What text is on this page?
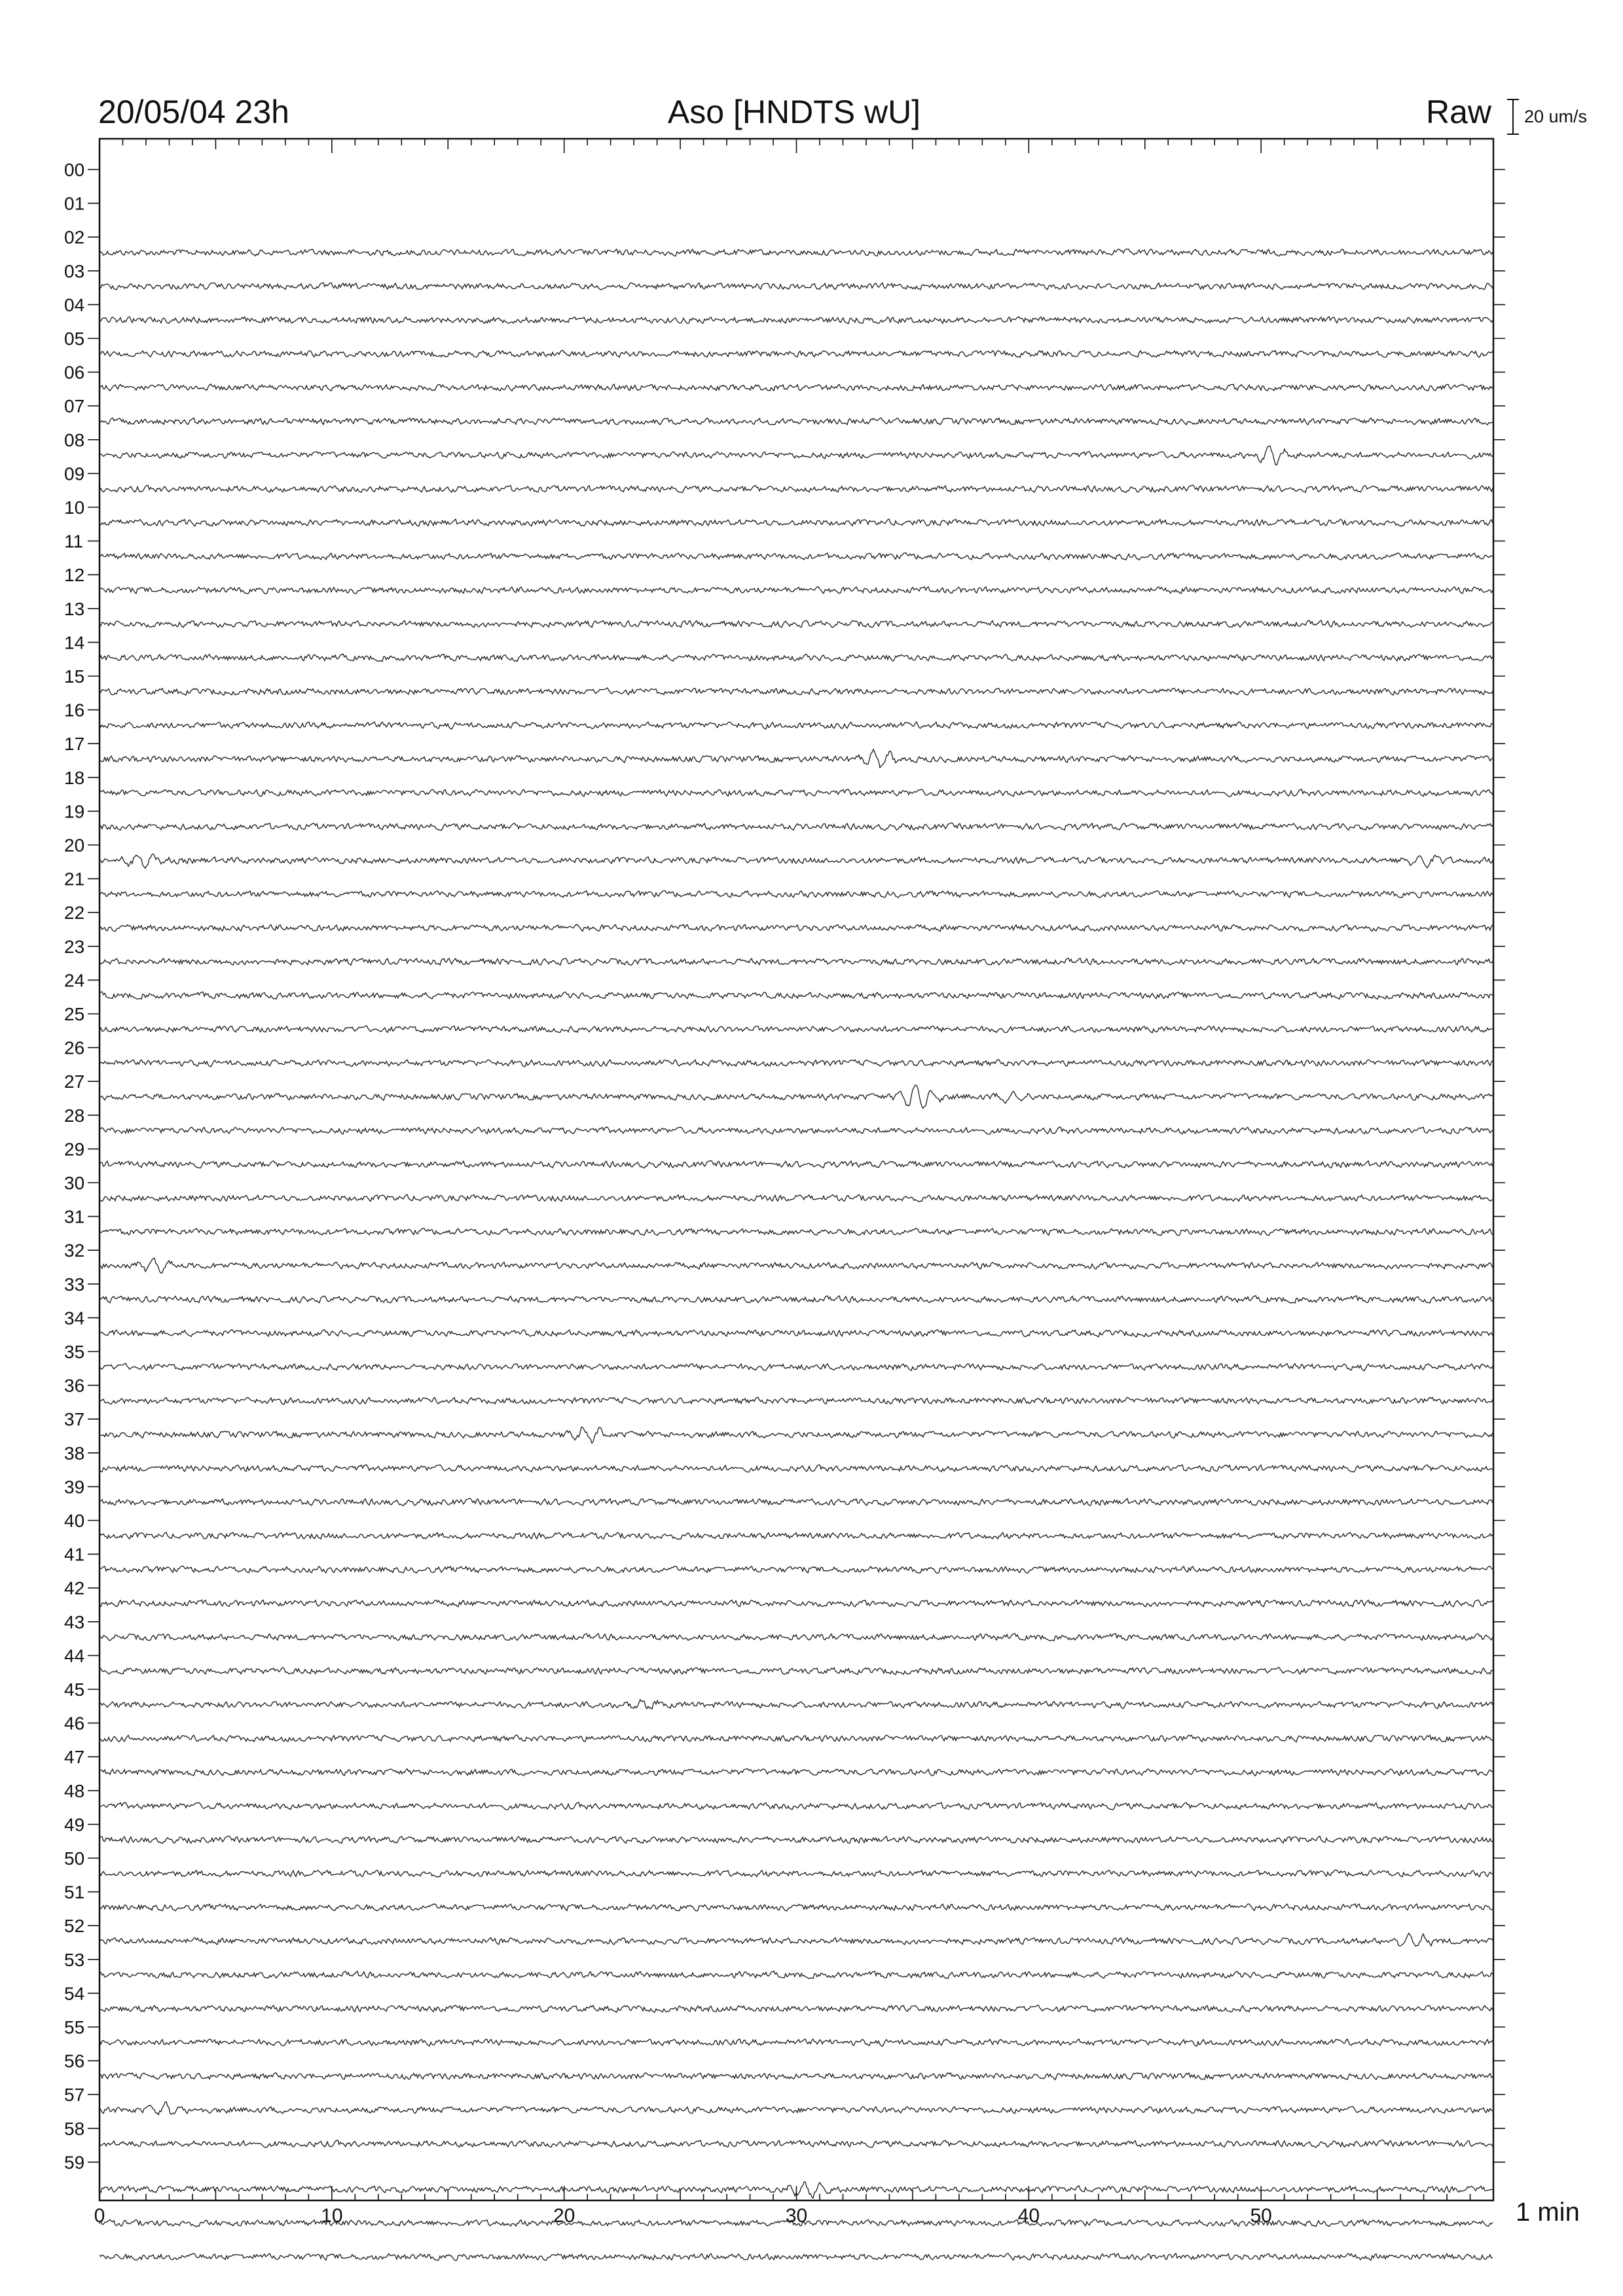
20/05/04 23h	Aso [HNDTS wU]	Raw 20 um/s
1 min
0	10	20	30	40	50
00
01
02
03
04
05
06
07
08
09
10
11
12
13
14
15
16
17
18
19
20
21
22
23
24
25
26
27
28
29
30
31
32
33
34
35
36
37
38
39
40
41
42
43
44
45
46
47
48
49
50
51
52
53
54
55
56
57
58
59
